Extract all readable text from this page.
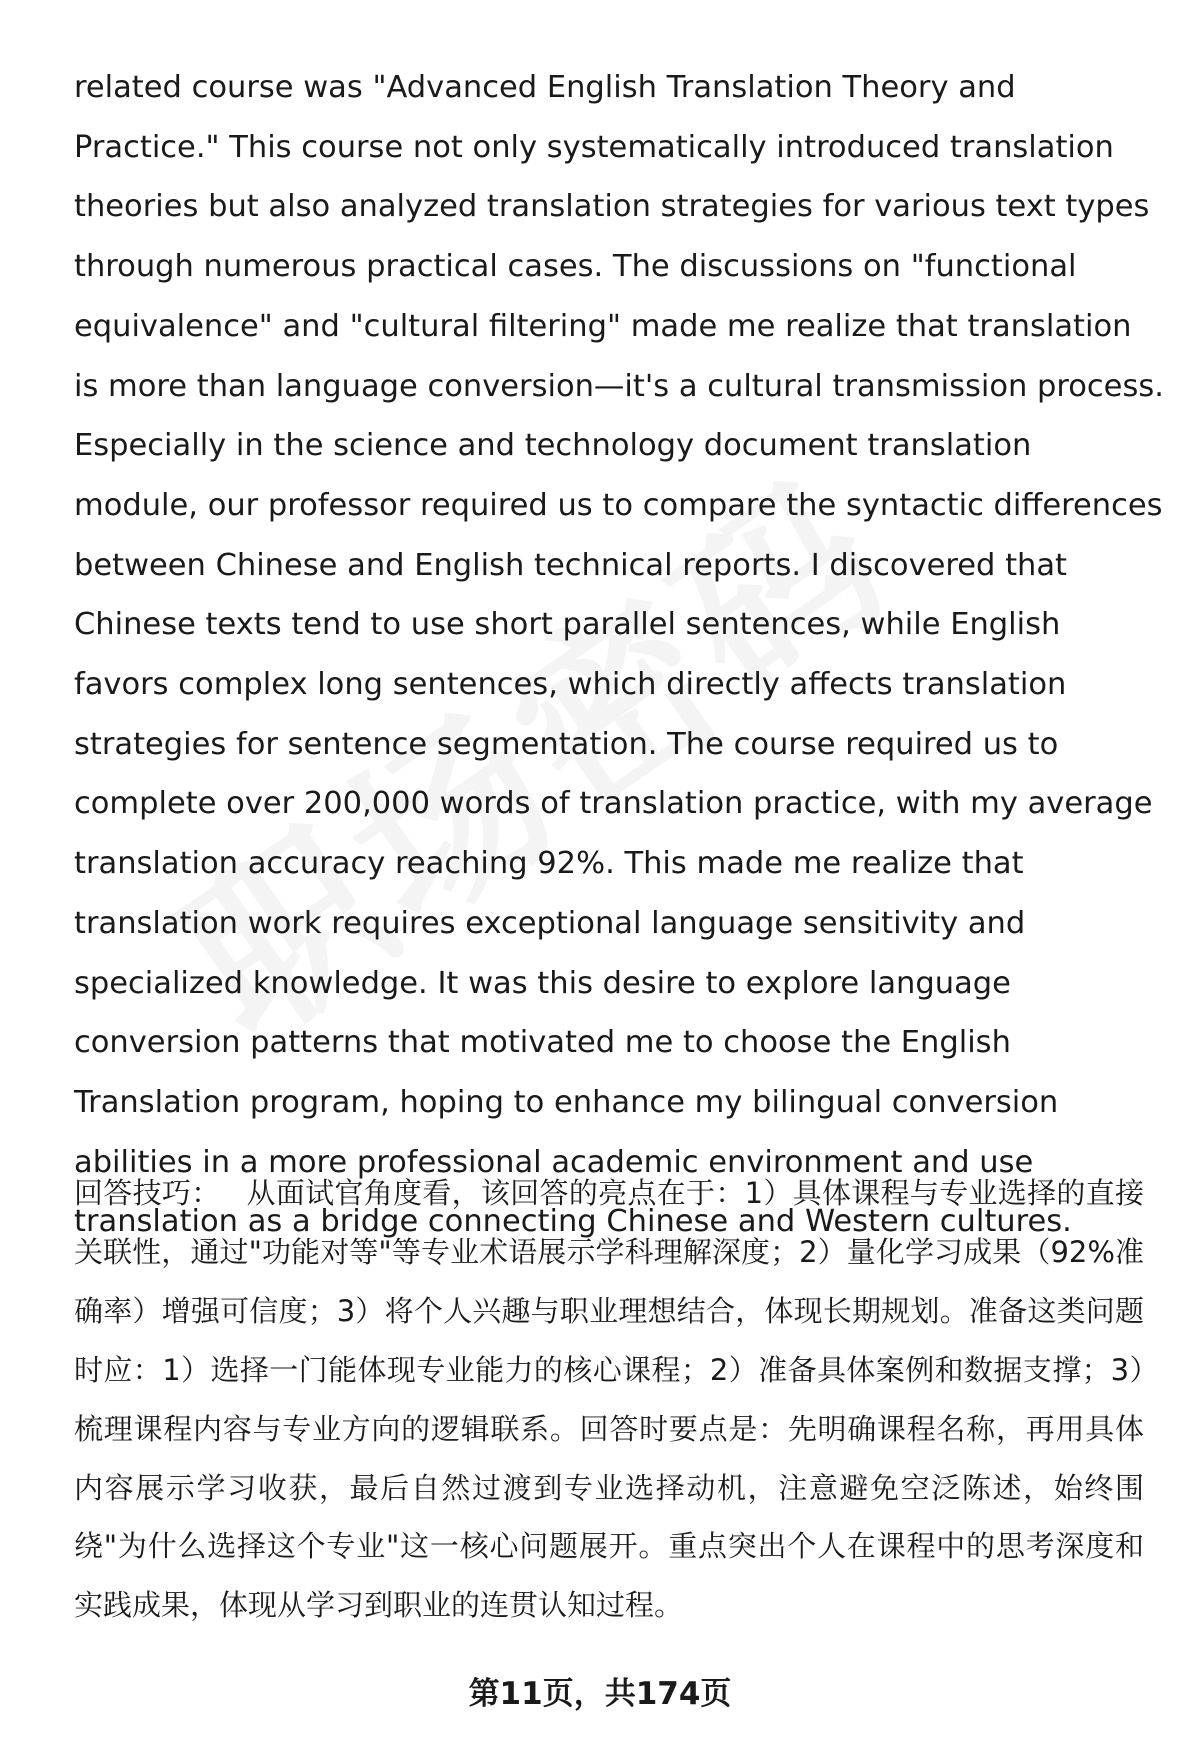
related course was "Advanced English Translation Theory and Practice." This course not only systematically introduced translation theories but also analyzed translation strategies for various text types through numerous practical cases. The discussions on "functional equivalence" and "cultural filtering" made me realize that translation is more than language conversion—it's a cultural transmission process. Especially in the science and technology document translation module, our professor required us to compare the syntactic differences between Chinese and English technical reports. I discovered that Chinese texts tend to use short parallel sentences, while English favors complex long sentences, which directly affects translation strategies for sentence segmentation. The course required us to complete over 200,000 words of translation practice, with my average translation accuracy reaching 92%. This made me realize that translation work requires exceptional language sensitivity and specialized knowledge. It was this desire to explore language conversion patterns that motivated me to choose the English Translation program, hoping to enhance my bilingual conversion abilities in a more professional academic environment and use translation as a bridge connecting Chinese and Western cultures.

回答技巧： 从面试官角度看，该回答的亮点在于：1）具体课程与专业选择的直接关联性，通过"功能对等"等专业术语展示学科理解深度；2）量化学习成果（92%准确率）增强可信度；3）将个人兴趣与职业理想结合，体现长期规划。准备这类问题时应：1）选择一门能体现专业能力的核心课程；2）准备具体案例和数据支撑；3）梳理课程内容与专业方向的逻辑联系。回答时要点是：先明确课程名称，再用具体内容展示学习收获，最后自然过渡到专业选择动机，注意避免空泛陈述，始终围绕"为什么选择这个专业"这一核心问题展开。重点突出个人在课程中的思考深度和实践成果，体现从学习到职业的连贯认知过程。
第11页，共174页
